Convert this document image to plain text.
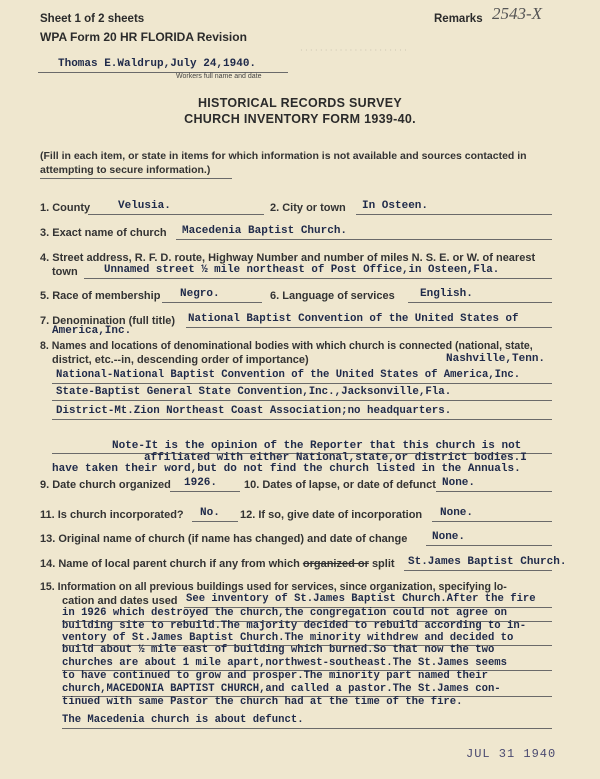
· · · · · · · · · · · · · · · · · · · · · ·
Sheet 1 of 2 sheets
WPA Form 20 HR FLORIDA Revision
Remarks 2543-X
Thomas E.Waldrup,July 24,1940.
Workers full name and date
HISTORICAL RECORDS SURVEY
CHURCH INVENTORY FORM 1939-40.
(Fill in each item, or state in items for which information is not available and sources contacted in
attempting to secure information.)
1. County	Velusia.	2. City or town In Osteen.
3. Exact name of church Macedenia Baptist Church.
4. Street address, R. F. D. route, Highway Number and number of miles N. S. E. or W. of nearest
town Unnamed street ½ mile northeast of Post Office,in Osteen,Fla.
5. Race of membership Negro.	6. Language of services English.
7. Denomination (full title) National Baptist Convention of the United States of
America,Inc.
8. Names and locations of denominational bodies with which church is connected (national, state,
district, etc.--in, descending order of importance)	Nashville,Tenn.
National-National Baptist Convention of the United States of America,Inc.
State-Baptist General State Convention,Inc.,Jacksonville,Fla.
District-Mt.Zion Northeast Coast Association;no headquarters.
Note-It is the opinion of the Reporter that this church is not
affiliated with either National,state,or district bodies.I
have taken their word,but do not find the church listed in the Annuals.
9. Date church organized 1926. 10. Dates of lapse, or date of defunct None.
11. Is church incorporated? No. 12. If so, give date of incorporation None.
13. Original name of church (if name has changed) and date of change None.
14. Name of local parent church if any from which organized or split St.James Baptist Church.
15. Information on all previous buildings used for services, since organization, specifying lo-
cation and dates used See inventory of St.James Baptist Church.After the fire
in 1926 which destroyed the church,the congregation could not agree on
building site to rebuild.The majority decided to rebuild according to in-
ventory of St.James Baptist Church.The minority withdrew and decided to
build about ½ mile east of building which burned.So that now the two
churches are about 1 mile apart,northwest-southeast.The St.James seems
to have continued to grow and prosper.The minority part named their
church,MACEDONIA BAPTIST CHURCH,and called a pastor.The St.James con-
tinued with same Pastor the church had at the time of the fire.
The Macedenia church is about defunct.
JUL 31 1940
